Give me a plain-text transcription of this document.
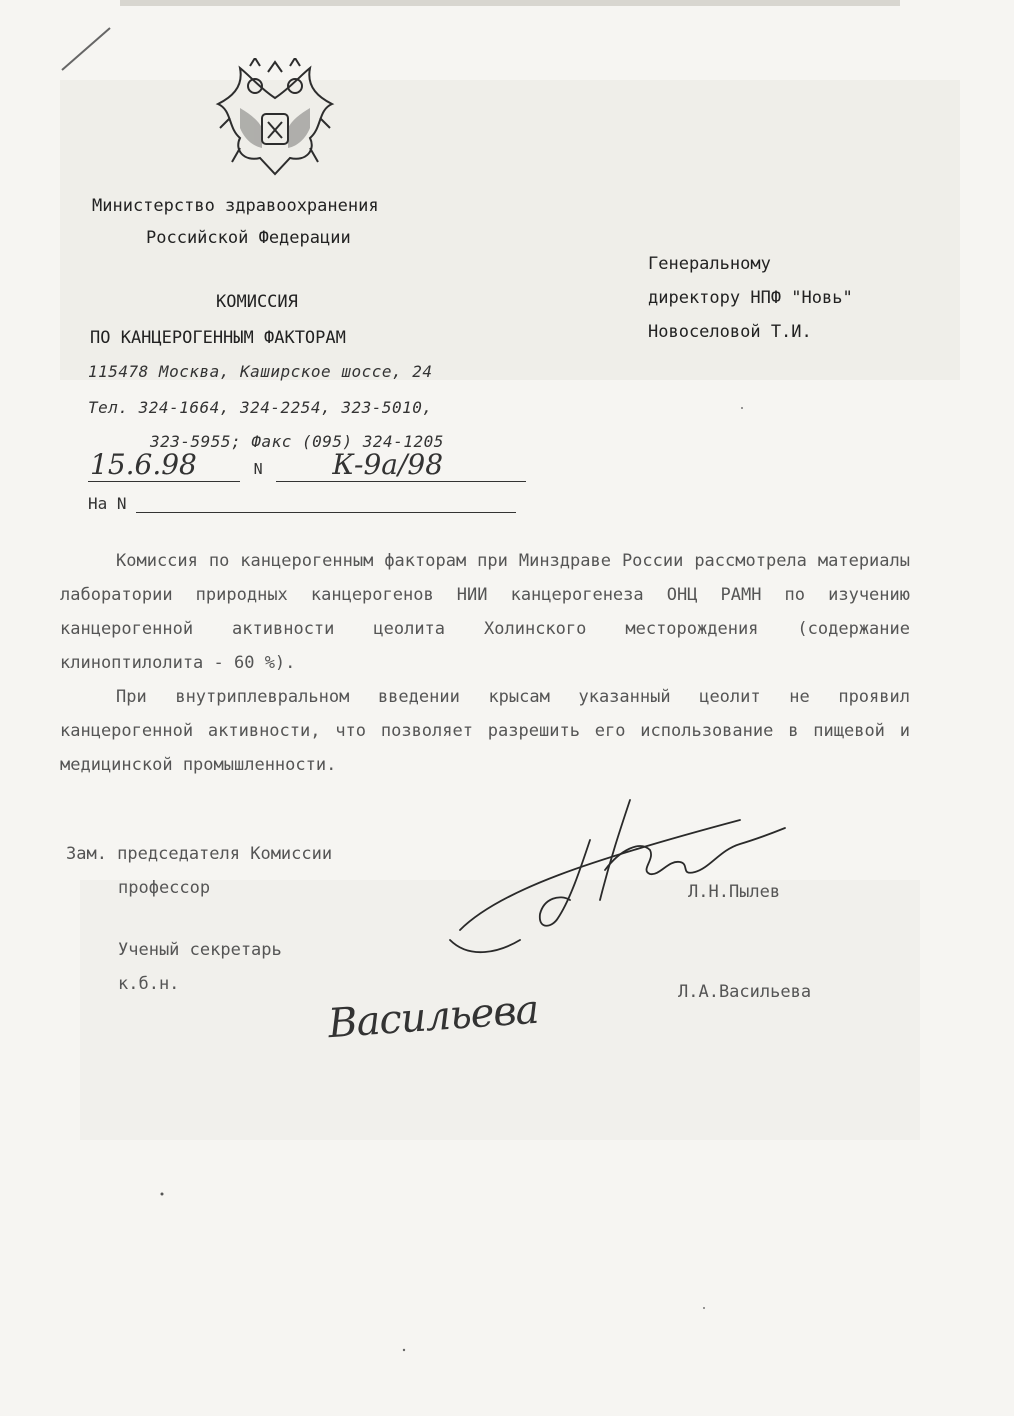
Министерство здравоохранения
Российской Федерации
КОМИССИЯ
ПО КАНЦЕРОГЕННЫМ ФАКТОРАМ
115478 Москва, Каширское шоссе, 24
Тел. 324-1664, 324-2254, 323-5010,
323-5955; Факс (095) 324-1205
15.6.98	N К-9а/98
На N
Генеральному
директору НПФ "Новь"
Новоселовой Т.И.

Комиссия по канцерогенным факторам при Минздраве России рассмотрела материалы лаборатории природных канцерогенов НИИ канцерогенеза ОНЦ РАМН по изучению канцерогенной активности цеолита Холинского месторождения (содержание клиноптилолита - 60 %).

При внутриплевральном введении крысам указанный цеолит не проявил канцерогенной активности, что позволяет разрешить его использование в пищевой и медицинской промышленности.

Зам. председателя Комиссии
профессор	Л.Н.Пылев
Ученый секретарь
к.б.н.	Л.А.Васильева
Васильева
